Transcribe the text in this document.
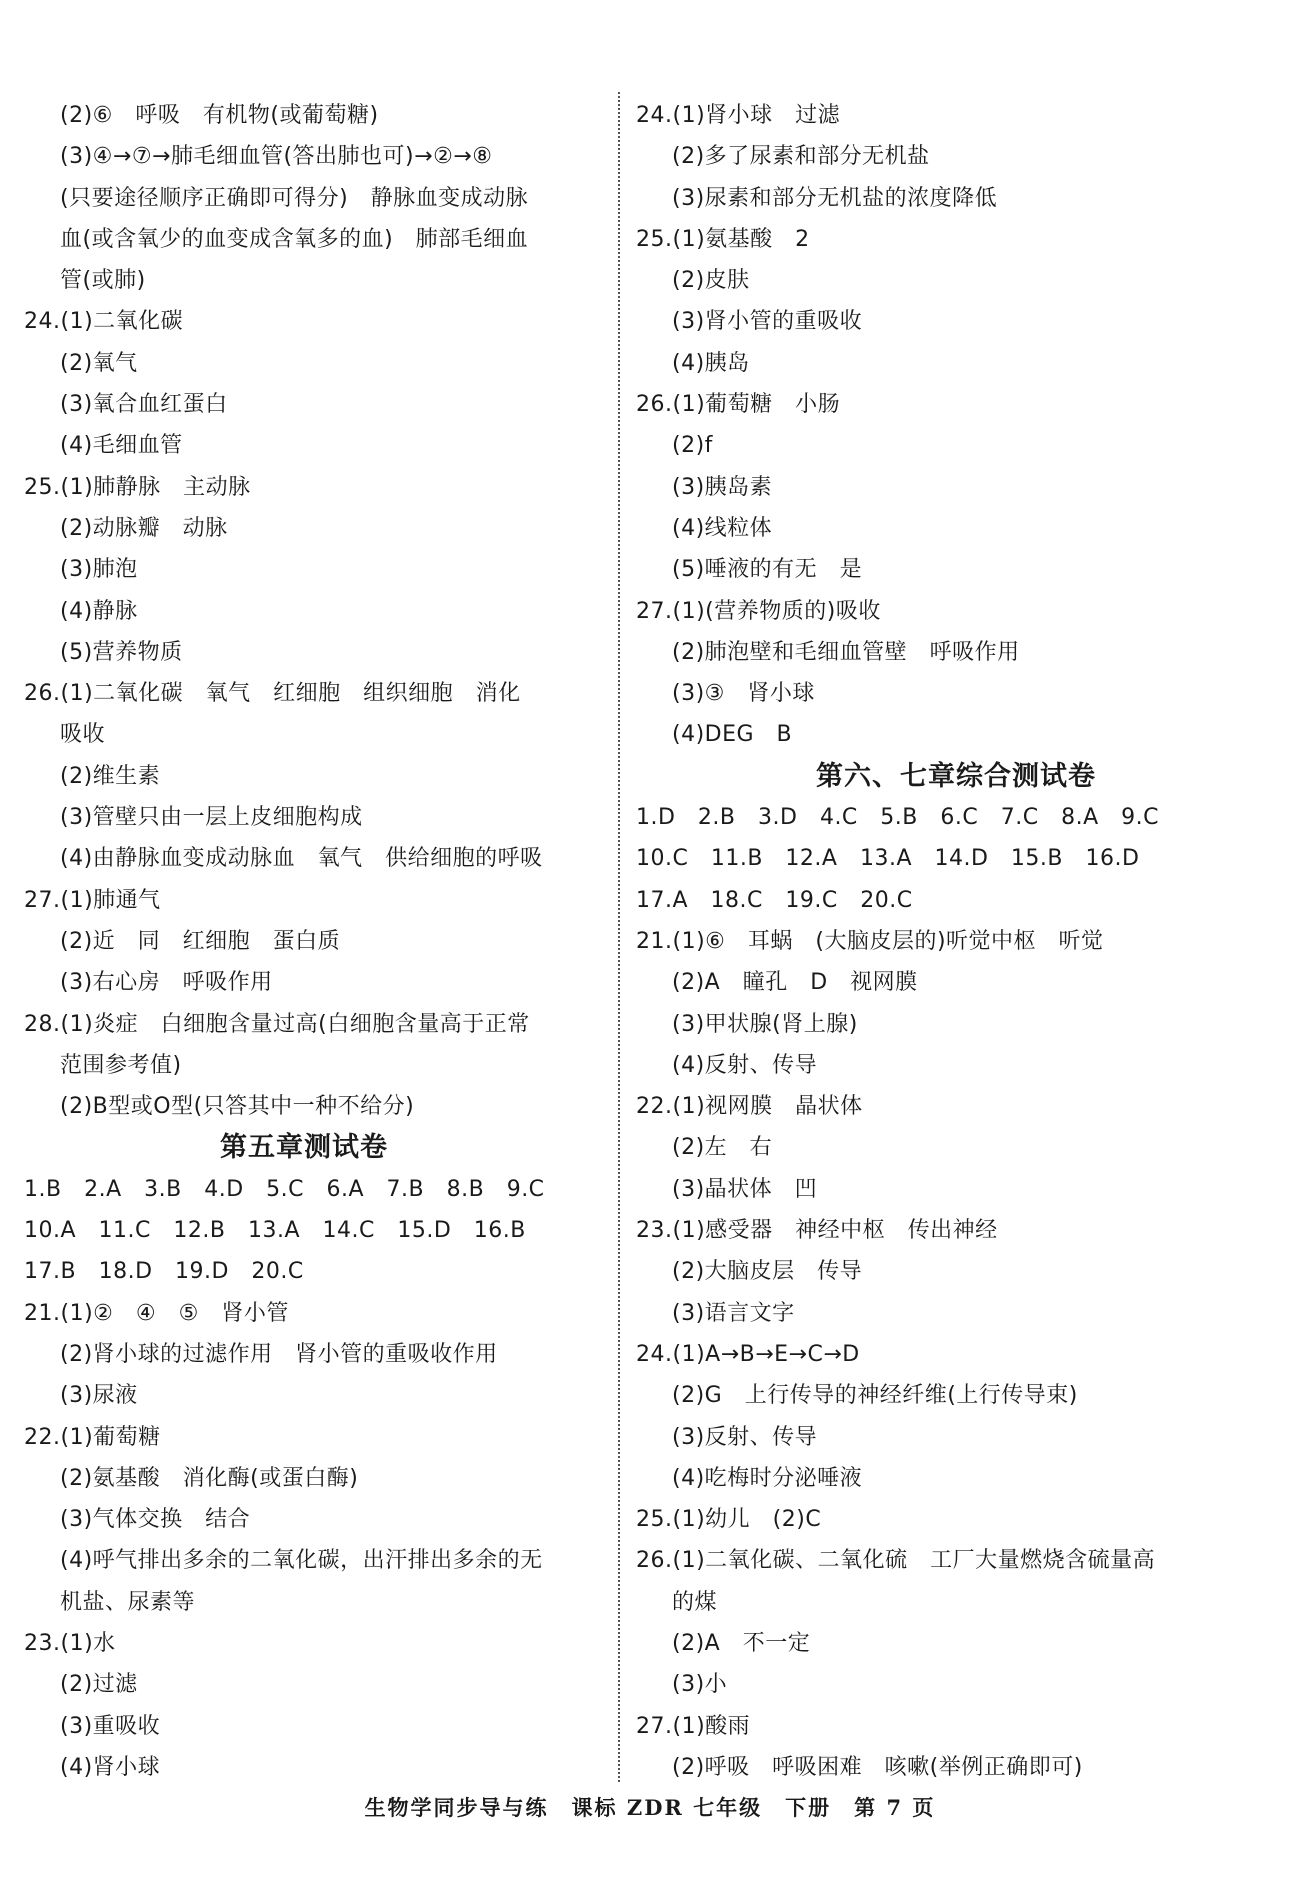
(2)⑥　呼吸　有机物(或葡萄糖)
(3)④→⑦→肺毛细血管(答出肺也可)→②→⑧
(只要途径顺序正确即可得分)　静脉血变成动脉
血(或含氧少的血变成含氧多的血)　肺部毛细血
管(或肺)
24.(1)二氧化碳
(2)氧气
(3)氧合血红蛋白
(4)毛细血管
25.(1)肺静脉　主动脉
(2)动脉瓣　动脉
(3)肺泡
(4)静脉
(5)营养物质
26.(1)二氧化碳　氧气　红细胞　组织细胞　消化
吸收
(2)维生素
(3)管壁只由一层上皮细胞构成
(4)由静脉血变成动脉血　氧气　供给细胞的呼吸
27.(1)肺通气
(2)近　同　红细胞　蛋白质
(3)右心房　呼吸作用
28.(1)炎症　白细胞含量过高(白细胞含量高于正常
范围参考值)
(2)B型或O型(只答其中一种不给分)
第五章测试卷
1.B　2.A　3.B　4.D　5.C　6.A　7.B　8.B　9.C
10.A　11.C　12.B　13.A　14.C　15.D　16.B
17.B　18.D　19.D　20.C
21.(1)②　④　⑤　肾小管
(2)肾小球的过滤作用　肾小管的重吸收作用
(3)尿液
22.(1)葡萄糖
(2)氨基酸　消化酶(或蛋白酶)
(3)气体交换　结合
(4)呼气排出多余的二氧化碳，出汗排出多余的无
机盐、尿素等
23.(1)水
(2)过滤
(3)重吸收
(4)肾小球
24.(1)肾小球　过滤
(2)多了尿素和部分无机盐
(3)尿素和部分无机盐的浓度降低
25.(1)氨基酸　2
(2)皮肤
(3)肾小管的重吸收
(4)胰岛
26.(1)葡萄糖　小肠
(2)f
(3)胰岛素
(4)线粒体
(5)唾液的有无　是
27.(1)(营养物质的)吸收
(2)肺泡壁和毛细血管壁　呼吸作用
(3)③　肾小球
(4)DEG　B
第六、七章综合测试卷
1.D　2.B　3.D　4.C　5.B　6.C　7.C　8.A　9.C
10.C　11.B　12.A　13.A　14.D　15.B　16.D
17.A　18.C　19.C　20.C
21.(1)⑥　耳蜗　(大脑皮层的)听觉中枢　听觉
(2)A　瞳孔　D　视网膜
(3)甲状腺(肾上腺)
(4)反射、传导
22.(1)视网膜　晶状体
(2)左　右
(3)晶状体　凹
23.(1)感受器　神经中枢　传出神经
(2)大脑皮层　传导
(3)语言文字
24.(1)A→B→E→C→D
(2)G　上行传导的神经纤维(上行传导束)
(3)反射、传导
(4)吃梅时分泌唾液
25.(1)幼儿　(2)C
26.(1)二氧化碳、二氧化硫　工厂大量燃烧含硫量高
的煤
(2)A　不一定
(3)小
27.(1)酸雨
(2)呼吸　呼吸困难　咳嗽(举例正确即可)
生物学同步导与练　课标 ZDR 七年级　下册　第 7 页
